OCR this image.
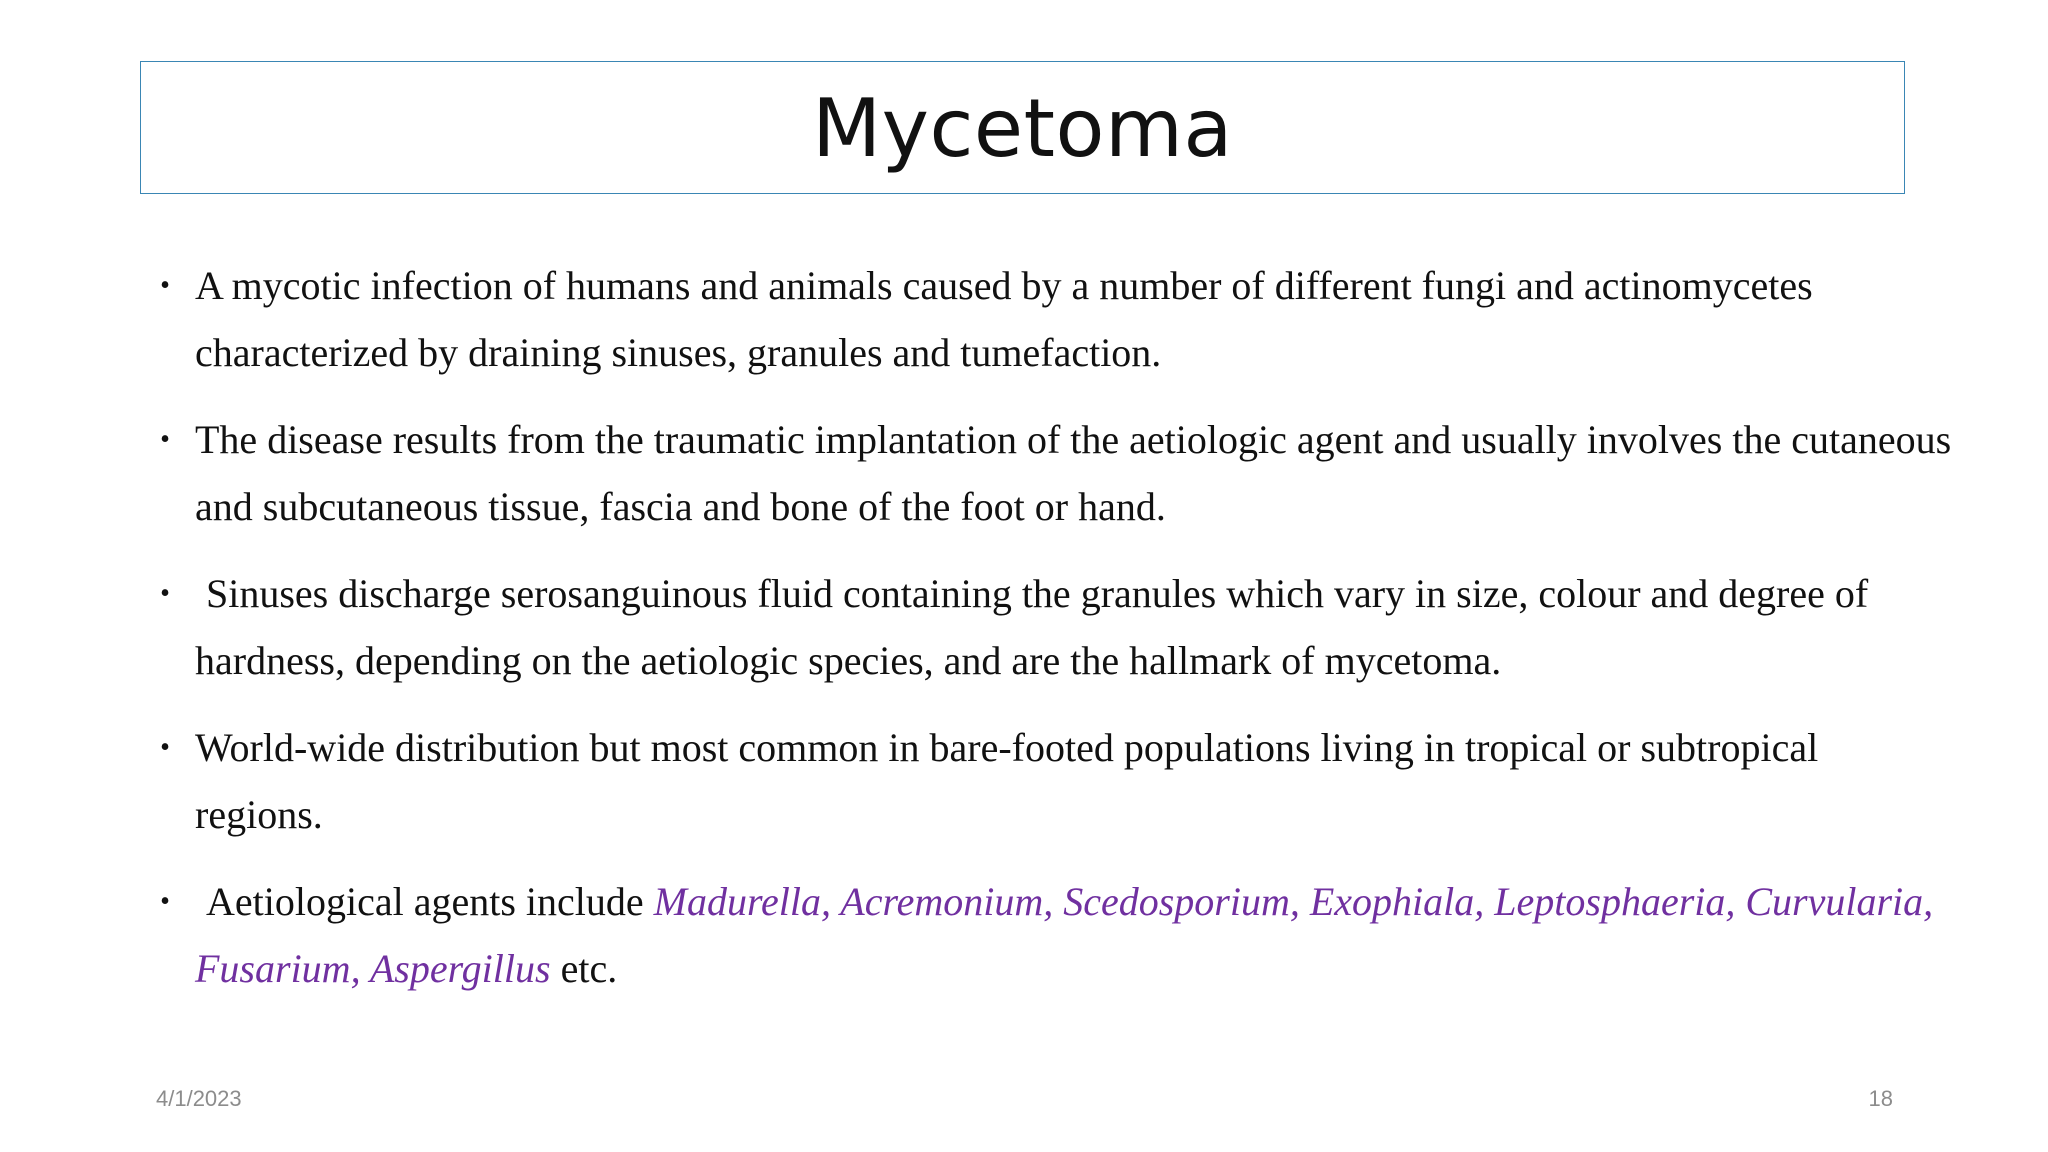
Mycetoma
• A mycotic infection of humans and animals caused by a number of different fungi and actinomycetes characterized by draining sinuses, granules and tumefaction.
• The disease results from the traumatic implantation of the aetiologic agent and usually involves the cutaneous and subcutaneous tissue, fascia and bone of the foot or hand.
• Sinuses discharge serosanguinous fluid containing the granules which vary in size, colour and degree of hardness, depending on the aetiologic species, and are the hallmark of mycetoma.
• World-wide distribution but most common in bare-footed populations living in tropical or subtropical regions.
• Aetiological agents include Madurella, Acremonium, Scedosporium, Exophiala, Leptosphaeria, Curvularia, Fusarium, Aspergillus etc.
4/1/2023	18
